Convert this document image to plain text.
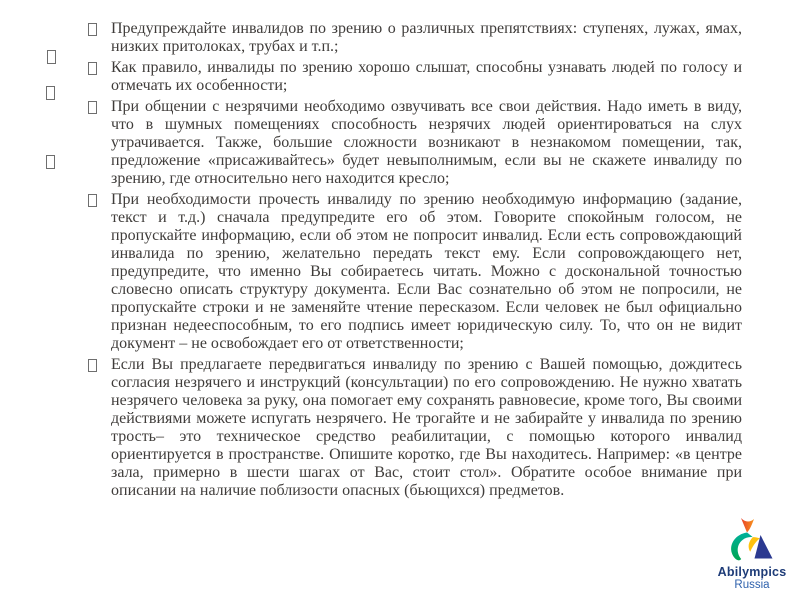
Предупреждайте инвалидов по зрению о различных препятствиях: ступенях, лужах, ямах, низких притолоках, трубах и т.п.;
Как правило, инвалиды по зрению хорошо слышат, способны узнавать людей по голосу и отмечать их особенности;
При общении с незрячими необходимо озвучивать все свои действия. Надо иметь в виду, что в шумных помещениях способность незрячих людей ориентироваться на слух утрачивается. Также, большие сложности возникают в незнакомом помещении, так, предложение «присаживайтесь» будет невыполнимым, если вы не скажете инвалиду по зрению, где относительно него находится кресло;
При необходимости прочесть инвалиду по зрению необходимую информацию (задание, текст и т.д.) сначала предупредите его об этом. Говорите спокойным голосом, не пропускайте информацию, если об этом не попросит инвалид. Если есть сопровождающий инвалида по зрению, желательно передать текст ему. Если сопровождающего нет, предупредите, что именно Вы собираетесь читать. Можно с доскональной точностью словесно описать структуру документа. Если Вас сознательно об этом не попросили, не пропускайте строки и не заменяйте чтение пересказом. Если человек не был официально признан недееспособным, то его подпись имеет юридическую силу. То, что он не видит документ – не освобождает его от ответственности;
Если Вы предлагаете передвигаться инвалиду по зрению с Вашей помощью, дождитесь согласия незрячего и инструкций (консультации) по его сопровождению. Не нужно хватать незрячего человека за руку, она помогает ему сохранять равновесие, кроме того, Вы своими действиями можете испугать незрячего. Не трогайте и не забирайте у инвалида по зрению трость– это техническое средство реабилитации, с помощью которого инвалид ориентируется в пространстве. Опишите коротко, где Вы находитесь. Например: «в центре зала, примерно в шести шагах от Вас, стоит стол». Обратите особое внимание при описании на наличие поблизости опасных (бьющихся) предметов.
Abilympics
Russia
